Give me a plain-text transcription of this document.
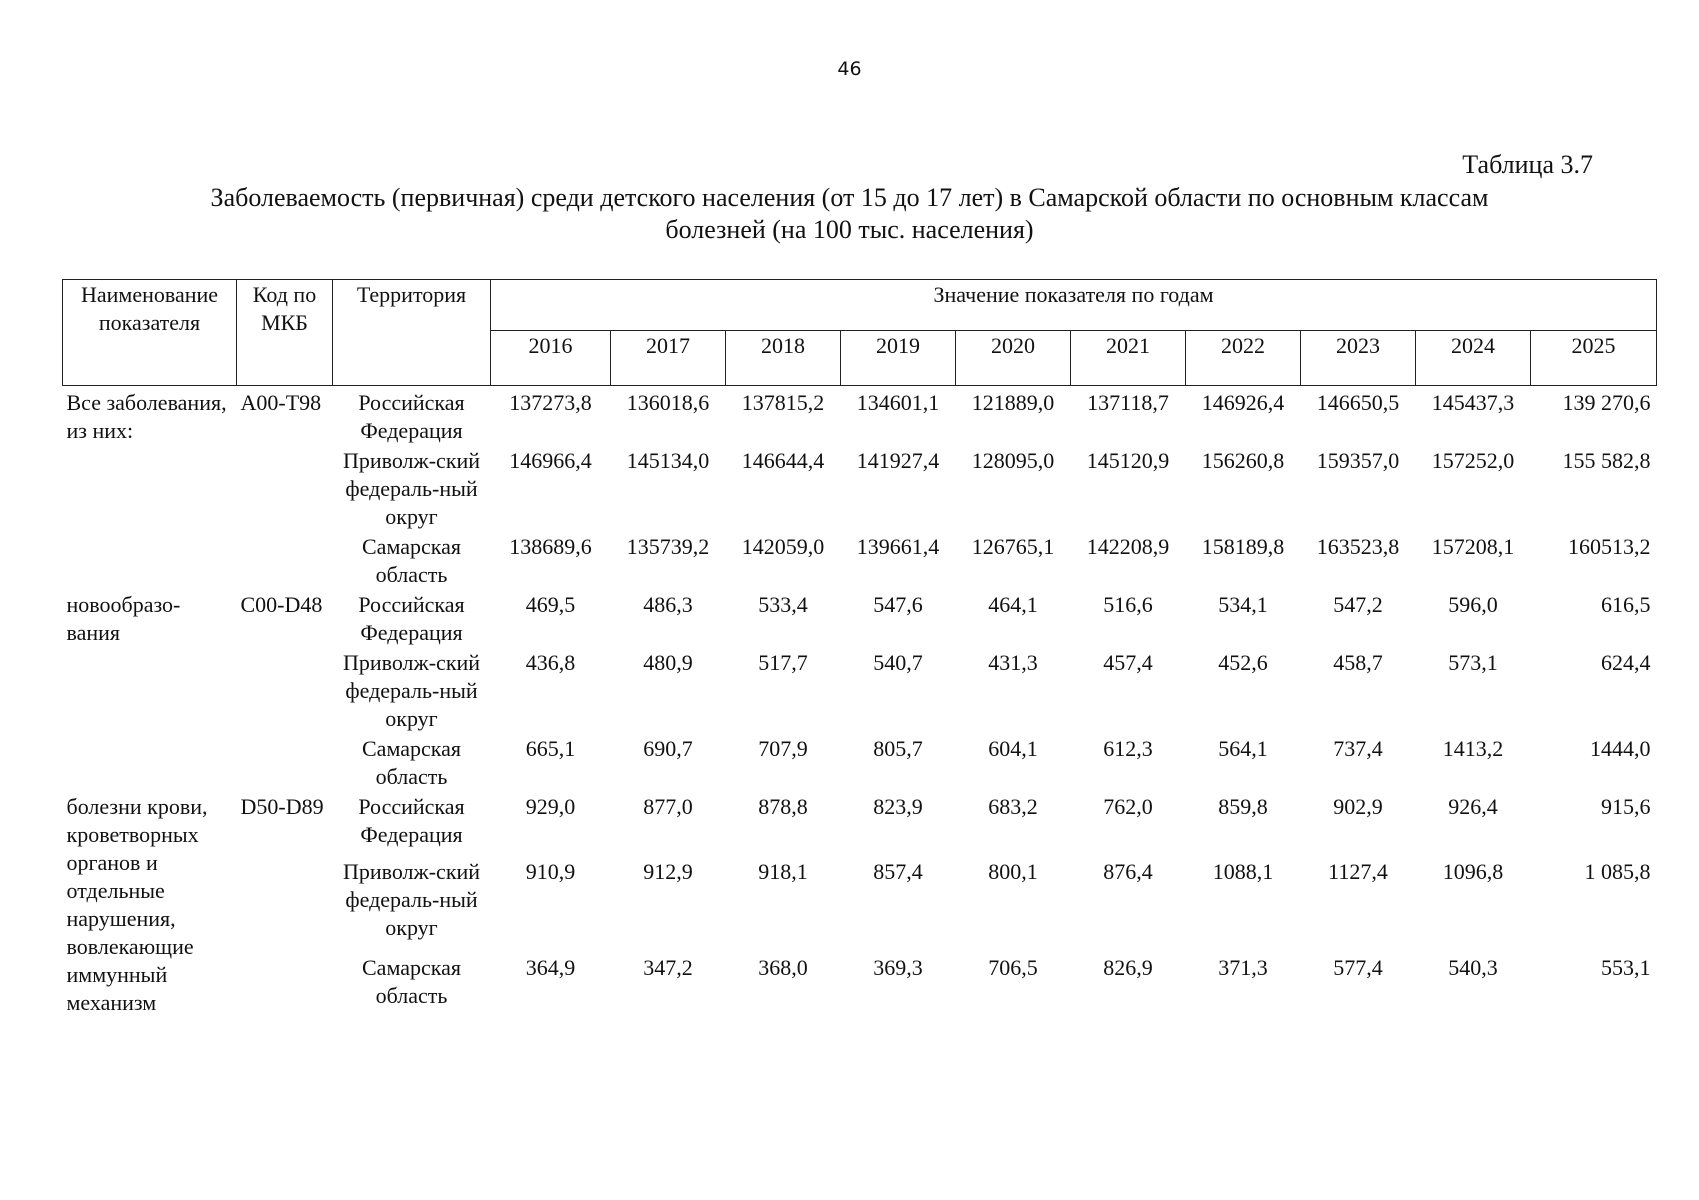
46
Таблица 3.7
Заболеваемость (первичная) среди детского населения (от 15 до 17 лет) в Самарской области по основным классам
болезней (на 100 тыс. населения)
Наименование показателя	Код по МКБ	Территория	Значение показателя по годам									
			2016	2017	2018	2019	2020	2021	2022	2023	2024	2025
Все заболевания, из них:	A00-T98	Российская Федерация	137273,8	136018,6	137815,2	134601,1	121889,0	137118,7	146926,4	146650,5	145437,3	139 270,6
		Приволж-ский федераль-ный округ	146966,4	145134,0	146644,4	141927,4	128095,0	145120,9	156260,8	159357,0	157252,0	155 582,8
		Самарская область	138689,6	135739,2	142059,0	139661,4	126765,1	142208,9	158189,8	163523,8	157208,1	160513,2
новообразо-вания	C00-D48	Российская Федерация	469,5	486,3	533,4	547,6	464,1	516,6	534,1	547,2	596,0	616,5
		Приволж-ский федераль-ный округ	436,8	480,9	517,7	540,7	431,3	457,4	452,6	458,7	573,1	624,4
		Самарская область	665,1	690,7	707,9	805,7	604,1	612,3	564,1	737,4	1413,2	1444,0
болезни крови, кроветворных органов и отдельные нарушения, вовлекающие иммунный механизм	D50-D89	Российская Федерация	929,0	877,0	878,8	823,9	683,2	762,0	859,8	902,9	926,4	915,6
		Приволж-ский федераль-ный округ	910,9	912,9	918,1	857,4	800,1	876,4	1088,1	1127,4	1096,8	1 085,8
		Самарская область	364,9	347,2	368,0	369,3	706,5	826,9	371,3	577,4	540,3	553,1
